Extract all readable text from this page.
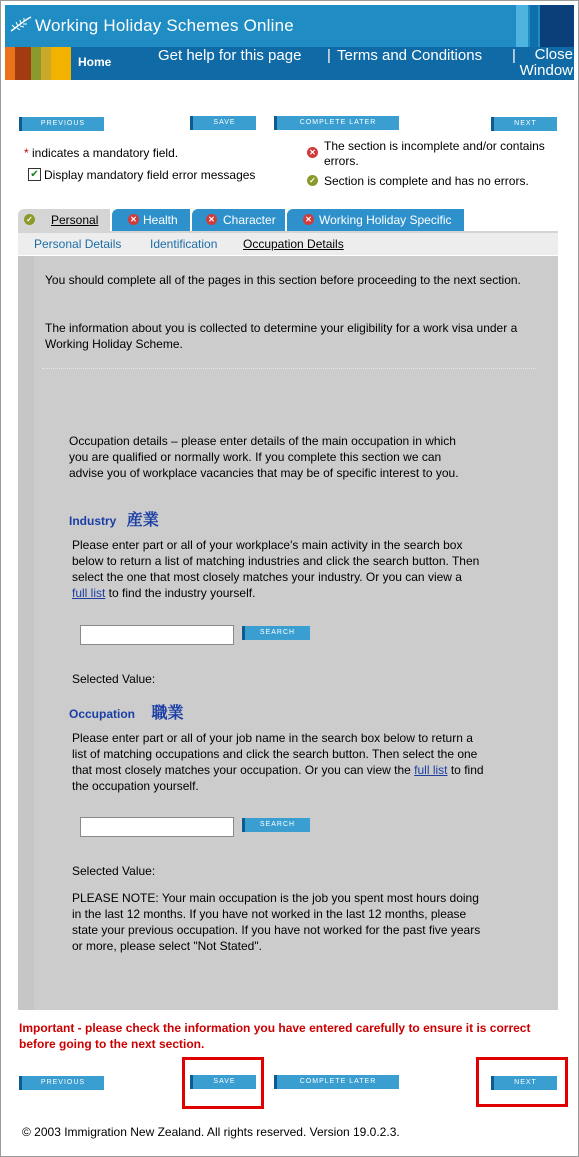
Working Holiday Schemes Online
Home	Get help for this page | Terms and Conditions |	Close Window
PREVIOUS	SAVE	COMPLETE LATER	NEXT
* indicates a mandatory field.
✔ Display mandatory field error messages
✕ The section is incomplete and/or contains errors.
✓ Section is complete and has no errors.
✓ Personal	✕ Health	✕ Character	✕ Working Holiday Specific
Personal Details Identification Occupation Details
You should complete all of the pages in this section before proceeding to the next section.
The information about you is collected to determine your eligibility for a work visa under a Working Holiday Scheme.
Occupation details – please enter details of the main occupation in which you are qualified or normally work. If you complete this section we can advise you of workplace vacancies that may be of specific interest to you.
Industry 産業
Please enter part or all of your workplace's main activity in the search box below to return a list of matching industries and click the search button. Then select the one that most closely matches your industry. Or you can view a full list to find the industry yourself.
SEARCH
Selected Value:
Occupation 職業
Please enter part or all of your job name in the search box below to return a list of matching occupations and click the search button. Then select the one that most closely matches your occupation. Or you can view the full list to find the occupation yourself.
SEARCH
Selected Value:
PLEASE NOTE: Your main occupation is the job you spent most hours doing in the last 12 months. If you have not worked in the last 12 months, please state your previous occupation. If you have not worked for the past five years or more, please select "Not Stated".
Important - please check the information you have entered carefully to ensure it is correct before going to the next section.
PREVIOUS	SAVE	COMPLETE LATER	NEXT
© 2003 Immigration New Zealand. All rights reserved. Version 19.0.2.3.
